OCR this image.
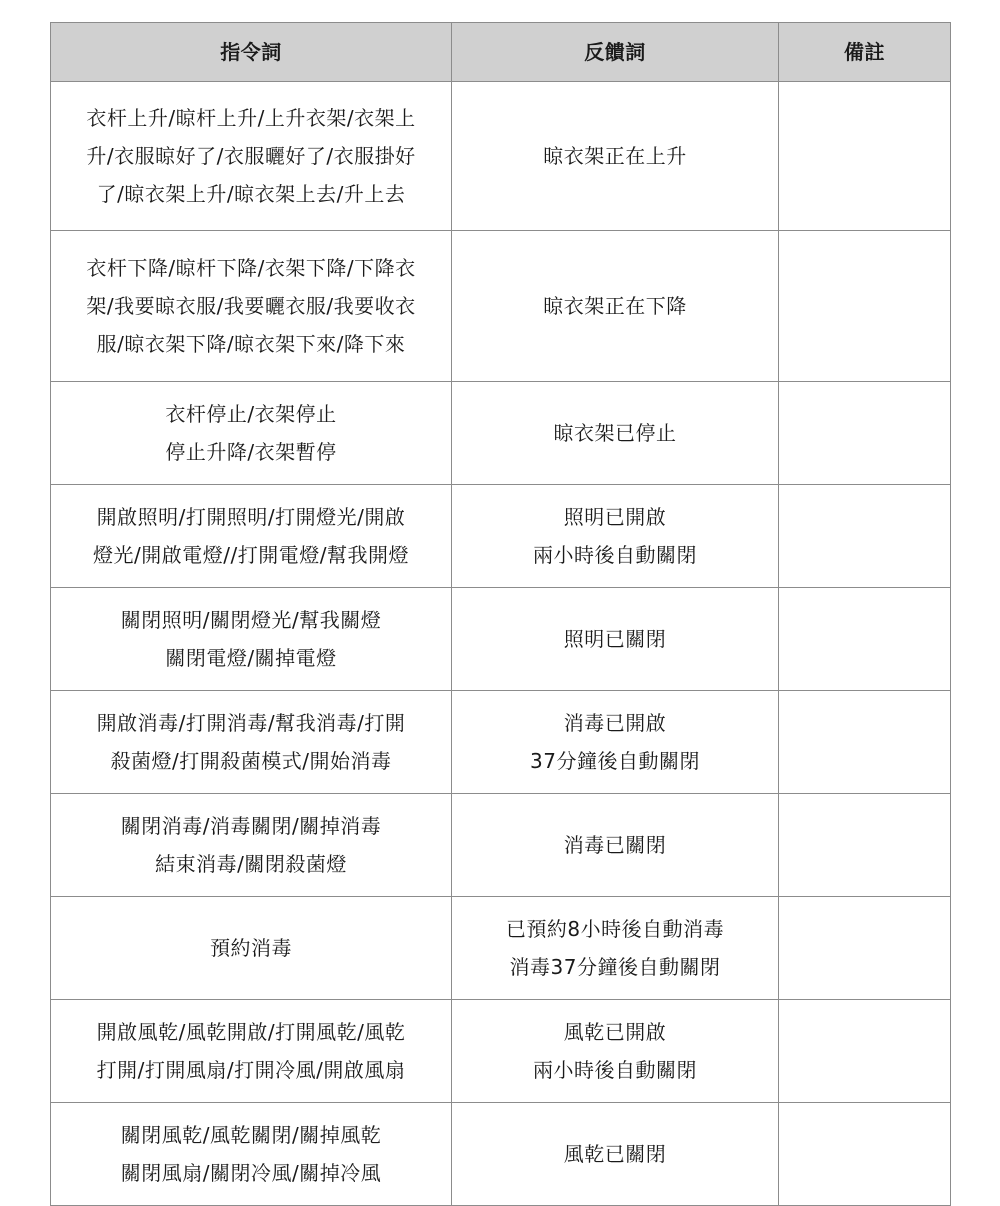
指令詞	反饋詞	備註

衣杆上升/晾杆上升/上升衣架/衣架上
升/衣服晾好了/衣服曬好了/衣服掛好
了/晾衣架上升/晾衣架上去/升上去	晾衣架正在上升	

衣杆下降/晾杆下降/衣架下降/下降衣
架/我要晾衣服/我要曬衣服/我要收衣
服/晾衣架下降/晾衣架下來/降下來	晾衣架正在下降	

衣杆停止/衣架停止
停止升降/衣架暫停	晾衣架已停止	

開啟照明/打開照明/打開燈光/開啟
燈光/開啟電燈//打開電燈/幫我開燈	照明已開啟
兩小時後自動關閉	

關閉照明/關閉燈光/幫我關燈
關閉電燈/關掉電燈	照明已關閉	

開啟消毒/打開消毒/幫我消毒/打開
殺菌燈/打開殺菌模式/開始消毒	消毒已開啟
37分鐘後自動關閉	

關閉消毒/消毒關閉/關掉消毒
結束消毒/關閉殺菌燈	消毒已關閉	

預約消毒	已預約8小時後自動消毒
消毒37分鐘後自動關閉	

開啟風乾/風乾開啟/打開風乾/風乾
打開/打開風扇/打開冷風/開啟風扇	風乾已開啟
兩小時後自動關閉	

關閉風乾/風乾關閉/關掉風乾
關閉風扇/關閉冷風/關掉冷風	風乾已關閉	
